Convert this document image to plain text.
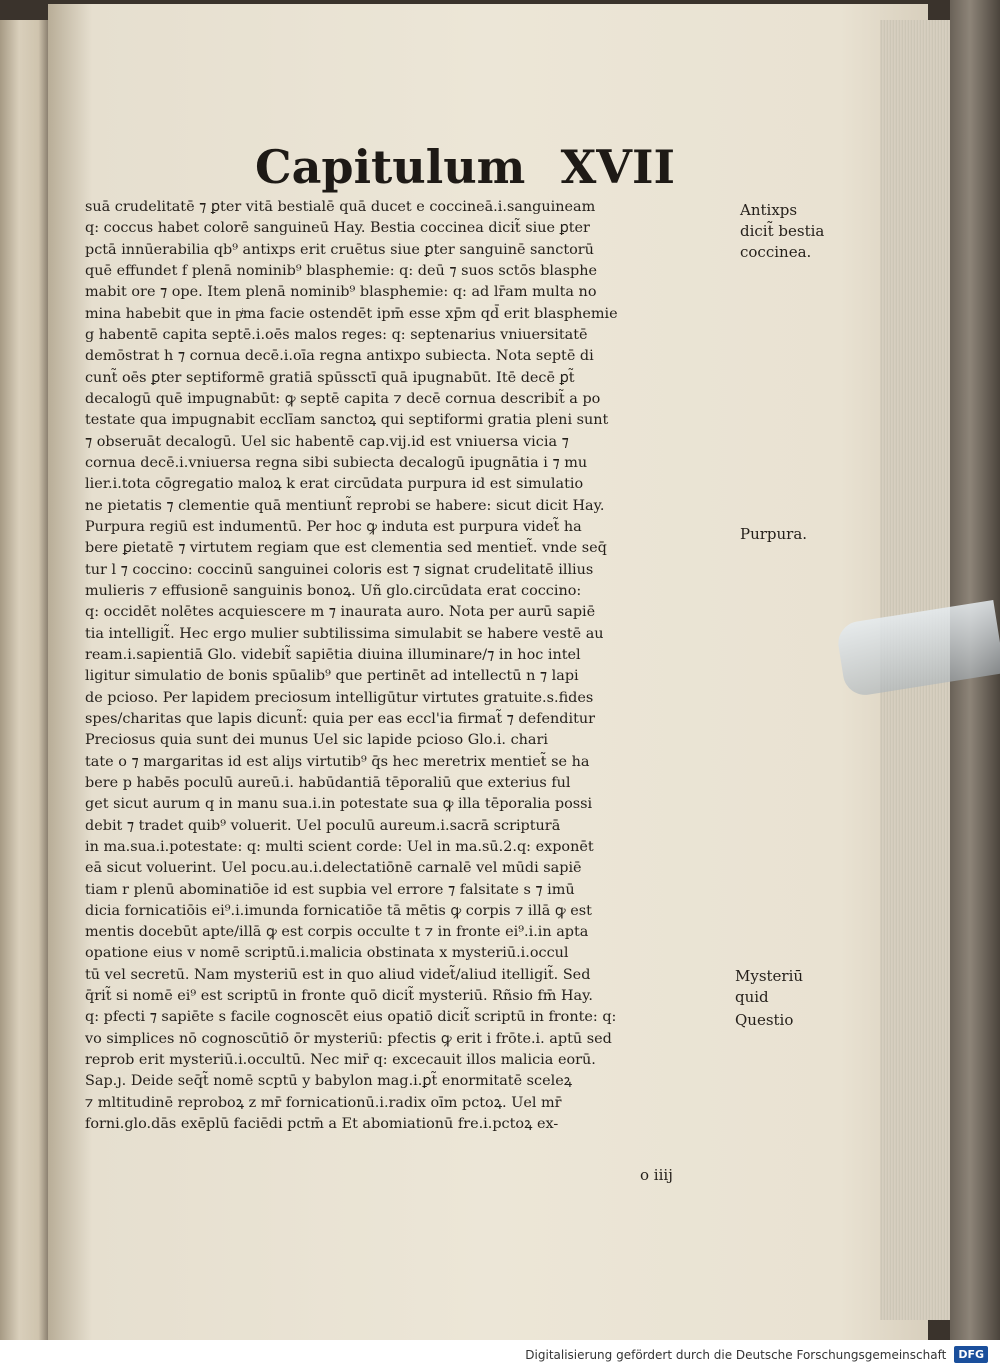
Capitulum XVII
suā crudelitatē ⁊ ꝑter vitā bestialē quā ducet e coccineā.i.sanguineam
q: coccus habet colorē sanguineū Hay. Bestia coccinea dicit̃ siue ꝑter
pctā innūerabilia qb⁹ antixps erit cruētus siue ꝑter sanguinē sanctorū
quē effundet f plenā nominib⁹ blasphemie: q: deū ⁊ suos sctōs blasphe
mabit ore ⁊ ope. Item plenā nominib⁹ blasphemie: q: ad lr̄am multa no
mina habebit que in pͥma facie ostendēt ipm̄ esse xp̄m qd̄ erit blasphemie
g habentē capita septē.i.oēs malos reges: q: septenarius vniuersitatē
demōstrat h ⁊ cornua decē.i.oīa regna antixpo subiecta. Nota septē di
cunt̃ oēs ꝑter septiformē gratiā spūssctī quā ipugnabūt. Itē decē ꝑt̃
decalogū quē impugnabūt: ꝙ septē capita ⁊ decē cornua describit̃ a po
testate qua impugnabit ecclīam sanctoꝝ qui septiformi gratia pleni sunt
⁊ obseruāt decalogū. Uel sic habentē cap.vij.id est vniuersa vicia ⁊
cornua decē.i.vniuersa regna sibi subiecta decalogū ipugnātia i ⁊ mu
lier.i.tota cōgregatio maloꝝ k erat circūdata purpura id est simulatio
ne pietatis ⁊ clementie quā mentiunt̃ reprobi se habere: sicut dicit Hay.
Purpura regiū est indumentū. Per hoc ꝙ induta est purpura videt̃ ha
bere ꝑietatē ⁊ virtutem regiam que est clementia sed mentiet̃. vnde seq̄
tur l ⁊ coccino: coccinū sanguinei coloris est ⁊ signat crudelitatē illius
mulieris ⁊ effusionē sanguinis bonoꝝ. Uñ glo.circūdata erat coccino:
q: occidēt nolētes acquiescere m ⁊ inaurata auro. Nota per aurū sapiē
tia intelligit̃. Hec ergo mulier subtilissima simulabit se habere vestē au
ream.i.sapientiā Glo. videbit̃ sapiētia diuina illuminare/⁊ in hoc intel
ligitur simulatio de bonis spūalib⁹ que pertinēt ad intellectū n ⁊ lapi
de pcioso. Per lapidem preciosum intelligūtur virtutes gratuite.s.fides
spes/charitas que lapis dicunt̃: quia per eas eccl'ia firmat̃ ⁊ defenditur
Preciosus quia sunt dei munus Uel sic lapide pcioso Glo.i. chari
tate o ⁊ margaritas id est aliȷs virtutib⁹ q̄s hec meretrix mentiet̃ se ha
bere p habēs poculū aureū.i. habūdantiā tēporaliū que exterius ful
get sicut aurum q in manu sua.i.in potestate sua ꝙ illa tēporalia possi
debit ⁊ tradet quib⁹ voluerit. Uel poculū aureum.i.sacrā scripturā
in ma.sua.i.potestate: q: multi scient corde: Uel in ma.sū.2.q: exponēt
eā sicut voluerint. Uel pocu.au.i.delectatiōnē carnalē vel mūdi sapiē
tiam r plenū abominatiōe id est supbia vel errore ⁊ falsitate s ⁊ imū
dicia fornicatiōis ei⁹.i.imunda fornicatiōe tā mētis ꝙ corpis ⁊ illā ꝙ est
mentis docebūt apte/illā ꝙ est corpis occulte t ⁊ in fronte ei⁹.i.in apta
opatione eius v nomē scriptū.i.malicia obstinata x mysteriū.i.occul
tū vel secretū. Nam mysteriū est in quo aliud videt̃/aliud itelligit̃. Sed
q̄rit̃ si nomē ei⁹ est scriptū in fronte quō dicit̃ mysteriū. Rñsio fm̄ Hay.
q: pfecti ⁊ sapiēte s facile cognoscēt eius opatiō dicit̃ scriptū in fronte: q:
vo simplices nō cognoscūtiō ōr mysteriū: pfectis ꝙ erit i frōte.i. aptū sed
reprob erit mysteriū.i.occultū. Nec mir̄ q: excecauit illos malicia eorū.
Sap.ȷ. Deide seq̄t̃ nomē scptū y babylon mag.i.ꝑt̃ enormitatē sceleꝝ
⁊ mltitudinē reproboꝝ z mr̄ fornicationū.i.radix oīm pctoꝝ. Uel mr̄
forni.glo.dās exēplū faciēdi pctm̄ a Et abomiationū fre.i.pctoꝝ ex-
Antixps
dicit̃ bestia
coccinea.
Purpura.
Mysteriū
quid
Questio
o iiij
Digitalisierung gefördert durch die Deutsche Forschungsgemeinschaft	DFG
